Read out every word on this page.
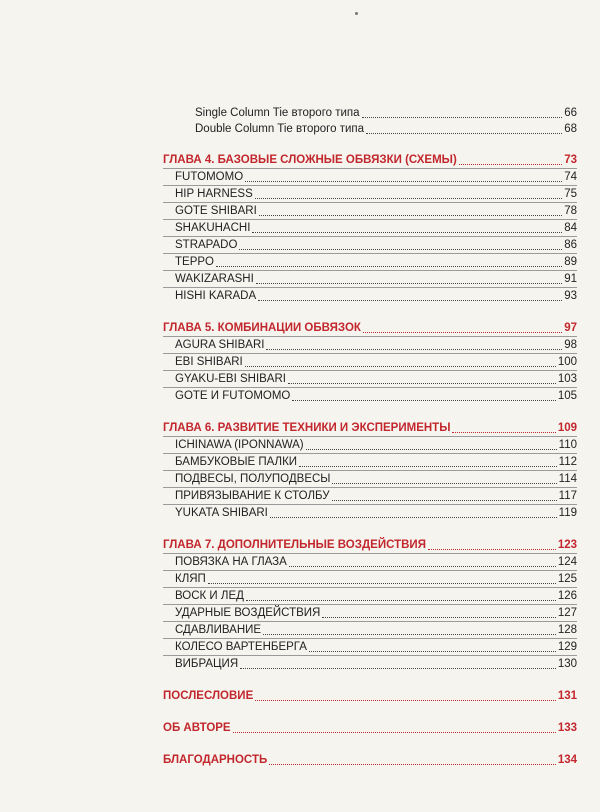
Single Column Tie второго типа	66
Double Column Tie второго типа	68
ГЛАВА 4. БАЗОВЫЕ СЛОЖНЫЕ ОБВЯЗКИ (СХЕМЫ)	73
FUTOMOMO	74
HIP HARNESS	75
GOTE SHIBARI	78
SHAKUHACHI	84
STRAPADO	86
TEPPO	89
WAKIZARASHI	91
HISHI KARADA	93
ГЛАВА 5. КОМБИНАЦИИ ОБВЯЗОК	97
AGURA SHIBARI	98
EBI SHIBARI	100
GYAKU-EBI SHIBARI	103
GOTE И FUTOMOMO	105
ГЛАВА 6. РАЗВИТИЕ ТЕХНИКИ И ЭКСПЕРИМЕНТЫ	109
ICHINAWA (IPONNAWA)	110
БАМБУКОВЫЕ ПАЛКИ	112
ПОДВЕСЫ, ПОЛУПОДВЕСЫ	114
ПРИВЯЗЫВАНИЕ К СТОЛБУ	117
YUKATA SHIBARI	119
ГЛАВА 7. ДОПОЛНИТЕЛЬНЫЕ ВОЗДЕЙСТВИЯ	123
ПОВЯЗКА НА ГЛАЗА	124
КЛЯП	125
ВОСК И ЛЕД	126
УДАРНЫЕ ВОЗДЕЙСТВИЯ	127
СДАВЛИВАНИЕ	128
КОЛЕСО ВАРТЕНБЕРГА	129
ВИБРАЦИЯ	130
ПОСЛЕСЛОВИЕ	131
ОБ АВТОРЕ	133
БЛАГОДАРНОСТЬ	134
